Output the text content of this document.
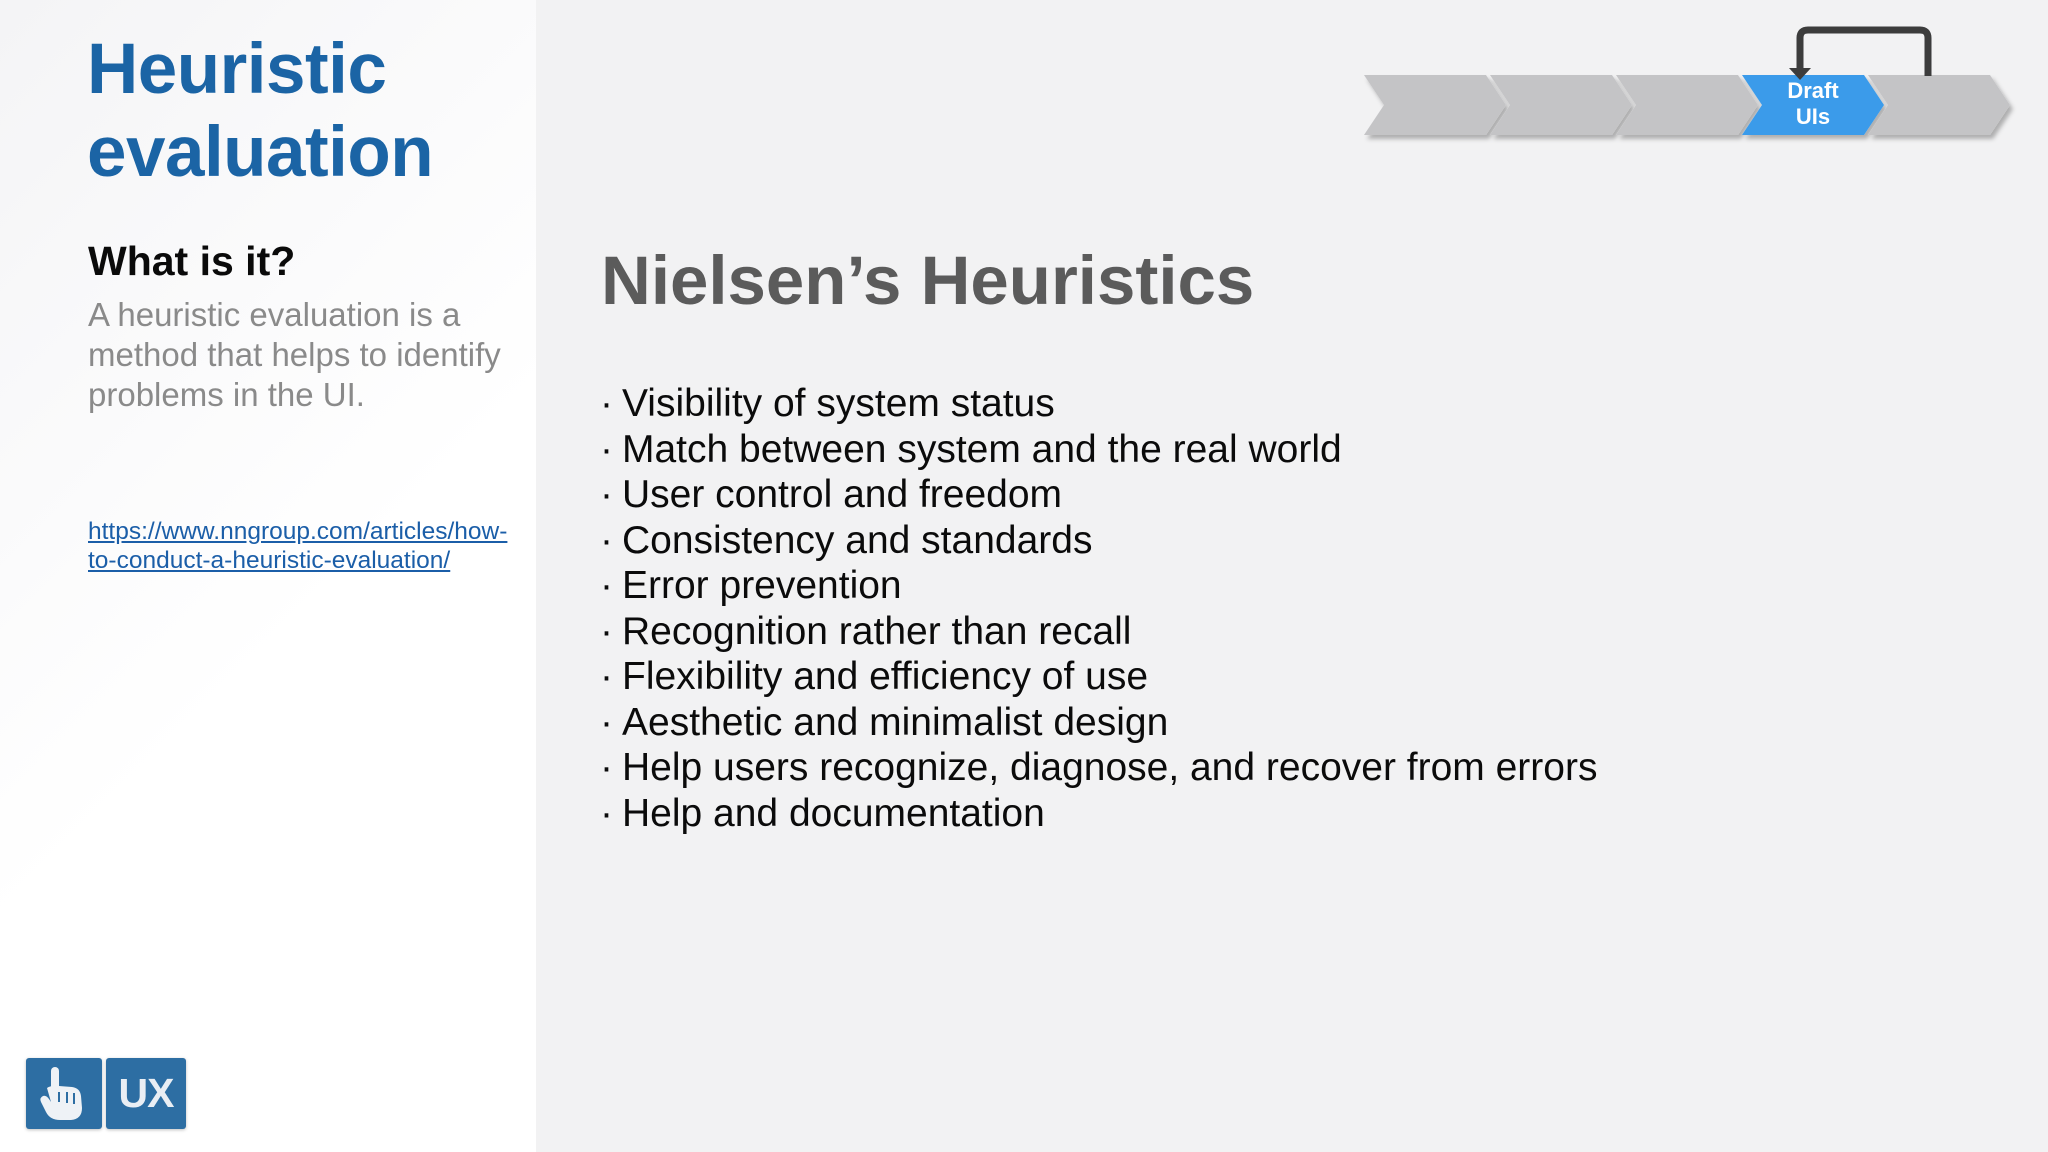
Heuristic evaluation
What is it?

A heuristic evaluation is a method that helps to identify problems in the UI.

https://www.nngroup.com/articles/how-to-conduct-a-heuristic-evaluation/
UX
Draft
UIs
Nielsen’s Heuristics
· Visibility of system status
· Match between system and the real world
· User control and freedom
· Consistency and standards
· Error prevention
· Recognition rather than recall
· Flexibility and efficiency of use
· Aesthetic and minimalist design
· Help users recognize, diagnose, and recover from errors
· Help and documentation
